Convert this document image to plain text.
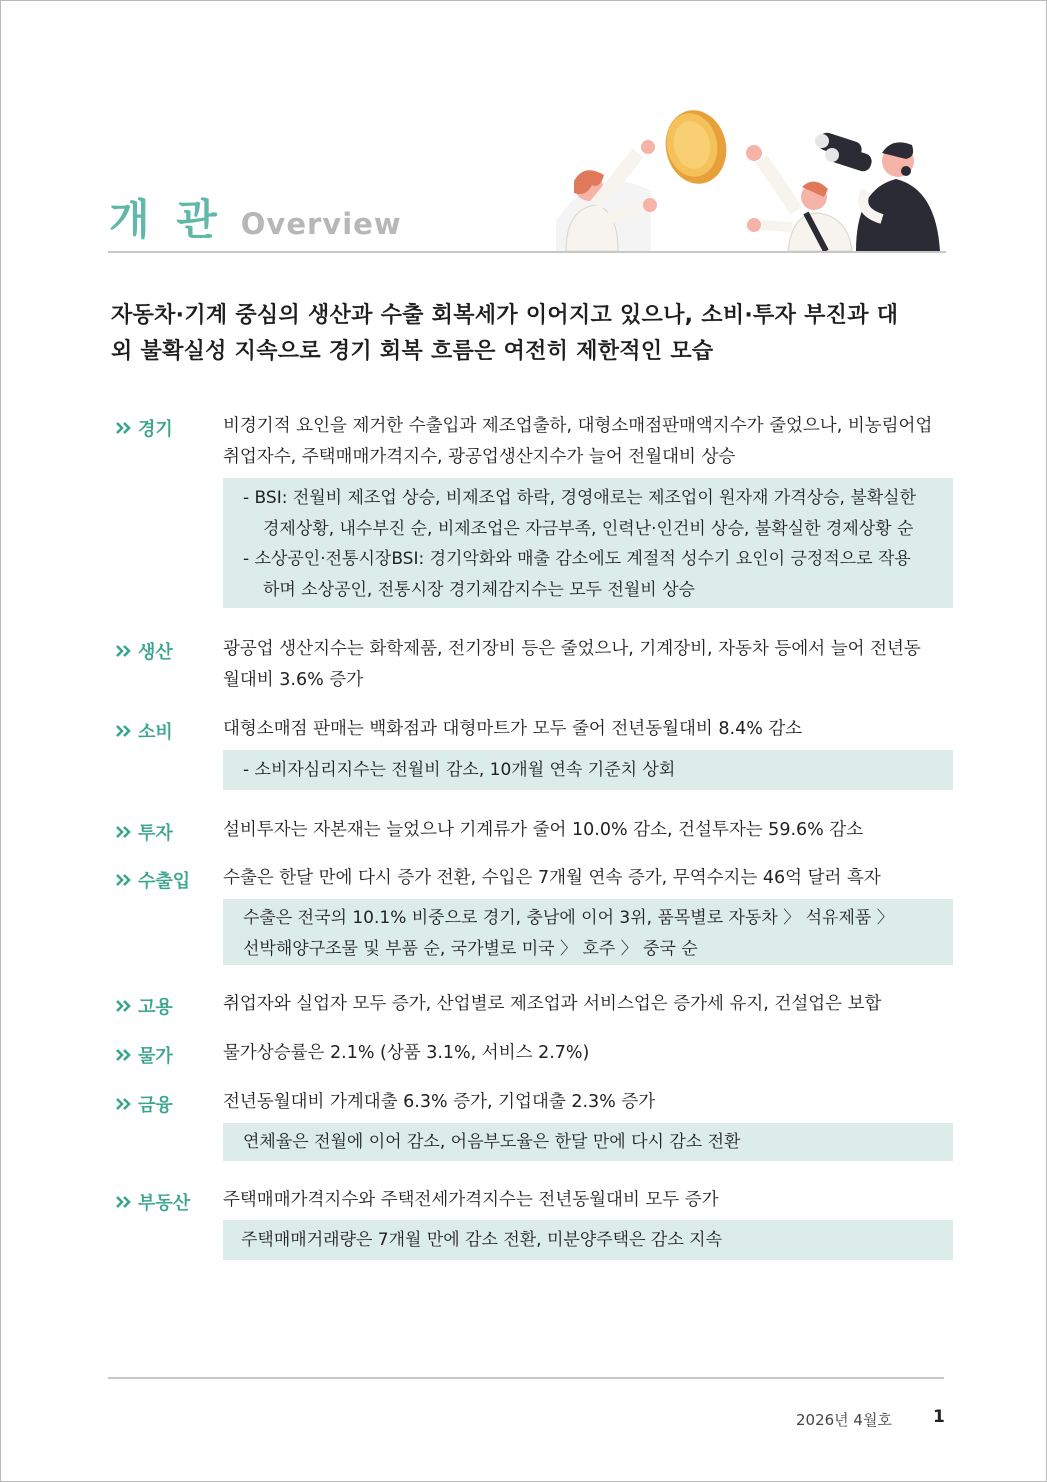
개 관 Overview
자동차·기계 중심의 생산과 수출 회복세가 이어지고 있으나, 소비·투자 부진과 대
외 불확실성 지속으로 경기 회복 흐름은 여전히 제한적인 모습
경기	비경기적 요인을 제거한 수출입과 제조업출하, 대형소매점판매액지수가 줄었으나, 비농림어업
취업자수, 주택매매가격지수, 광공업생산지수가 늘어 전월대비 상승
- BSI: 전월비 제조업 상승, 비제조업 하락, 경영애로는 제조업이 원자재 가격상승, 불확실한
경제상황, 내수부진 순, 비제조업은 자금부족, 인력난·인건비 상승, 불확실한 경제상황 순
- 소상공인·전통시장BSI: 경기악화와 매출 감소에도 계절적 성수기 요인이 긍정적으로 작용
하며 소상공인, 전통시장 경기체감지수는 모두 전월비 상승
생산	광공업 생산지수는 화학제품, 전기장비 등은 줄었으나, 기계장비, 자동차 등에서 늘어 전년동
월대비 3.6% 증가
소비	대형소매점 판매는 백화점과 대형마트가 모두 줄어 전년동월대비 8.4% 감소
- 소비자심리지수는 전월비 감소, 10개월 연속 기준치 상회
투자	설비투자는 자본재는 늘었으나 기계류가 줄어 10.0% 감소, 건설투자는 59.6% 감소
수출입 수출은 한달 만에 다시 증가 전환, 수입은 7개월 연속 증가, 무역수지는 46억 달러 흑자
수출은 전국의 10.1% 비중으로 경기, 충남에 이어 3위, 품목별로 자동차 〉 석유제품 〉
선박해양구조물 및 부품 순, 국가별로 미국 〉 호주 〉 중국 순
고용	취업자와 실업자 모두 증가, 산업별로 제조업과 서비스업은 증가세 유지, 건설업은 보합
물가	물가상승률은 2.1% (상품 3.1%, 서비스 2.7%)
금융	전년동월대비 가계대출 6.3% 증가, 기업대출 2.3% 증가
연체율은 전월에 이어 감소, 어음부도율은 한달 만에 다시 감소 전환
부동산 주택매매가격지수와 주택전세가격지수는 전년동월대비 모두 증가
주택매매거래량은 7개월 만에 감소 전환, 미분양주택은 감소 지속
2026년 4월호 1
